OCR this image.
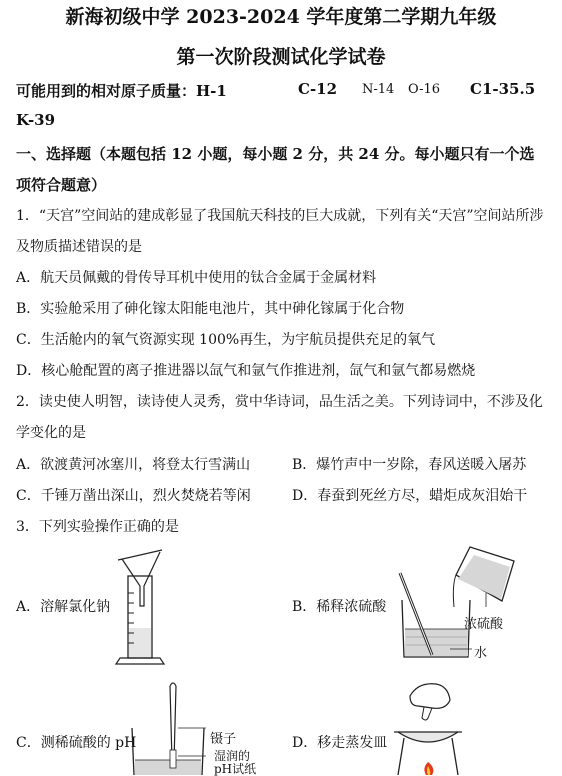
新海初级中学 2023-2024 学年度第二学期九年级
第一次阶段测试化学试卷
可能用到的相对原子质量：H-1	C-12 N-14 O-16 C1-35.5
K-39
一、选择题（本题包括 12 小题，每小题 2 分，共 24 分。每小题只有一个选
项符合题意）
1．“天宫”空间站的建成彰显了我国航天科技的巨大成就，下列有关“天宫”空间站所涉
及物质描述错误的是
A．航天员佩戴的骨传导耳机中使用的钛合金属于金属材料
B．实验舱采用了砷化镓太阳能电池片，其中砷化镓属于化合物
C．生活舱内的氧气资源实现 100%再生，为宇航员提供充足的氧气
D．核心舱配置的离子推进器以氙气和氩气作推进剂，氙气和氩气都易燃烧
2．读史使人明智，读诗使人灵秀，赏中华诗词，品生活之美。下列诗词中，不涉及化
学变化的是
A．欲渡黄河冰塞川，将登太行雪满山	B．爆竹声中一岁除，春风送暖入屠苏
C．千锤万凿出深山，烈火焚烧若等闲	D．春蚕到死丝方尽，蜡炬成灰泪始干
3．下列实验操作正确的是
A．溶解氯化钠	B．稀释浓硫酸
C．测稀硫酸的 pH	D．移走蒸发皿
浓硫酸
水
镊子
湿润的
pH试纸
